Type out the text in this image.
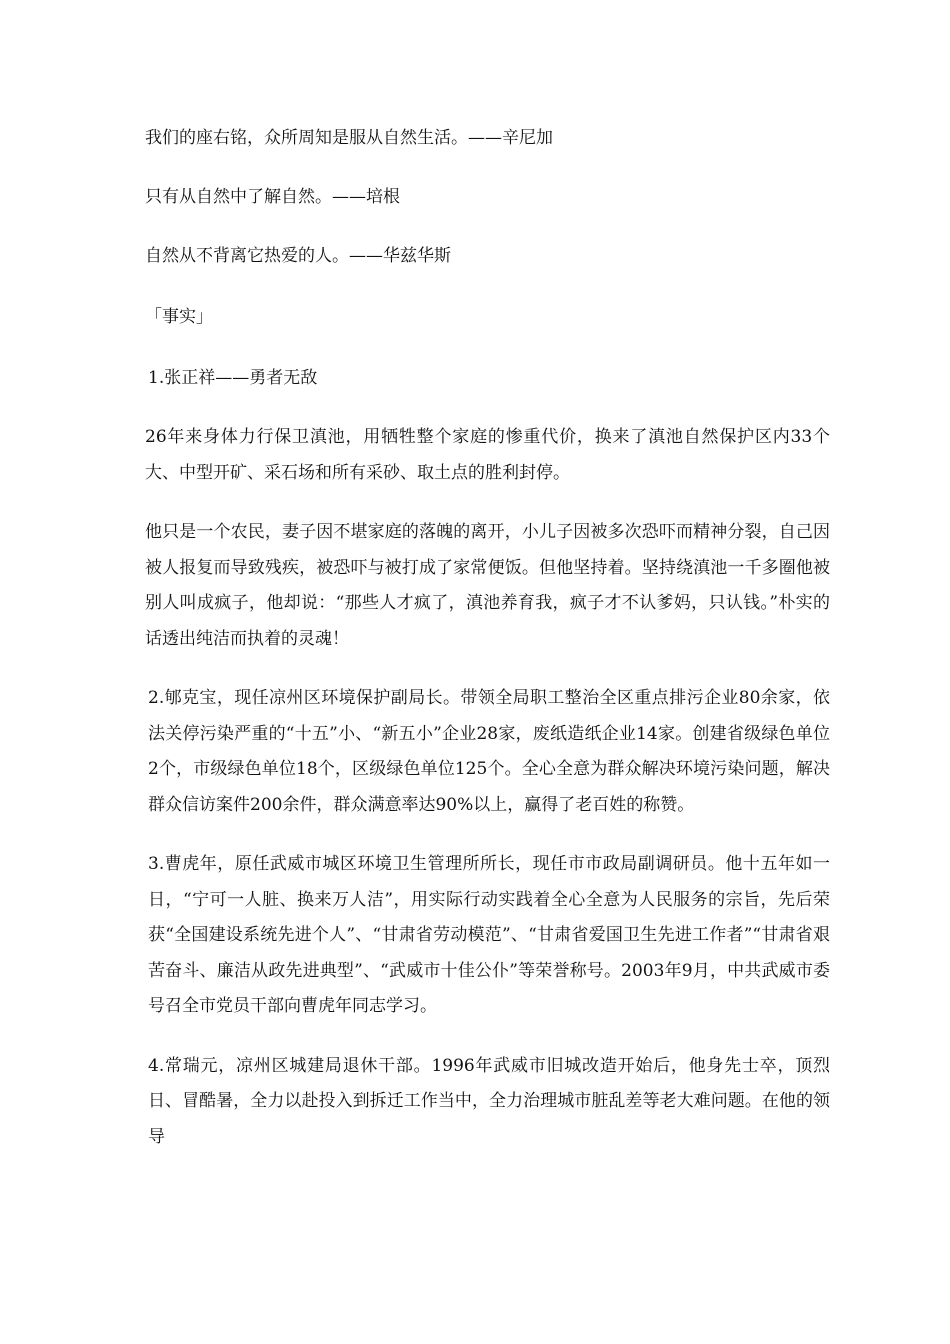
我们的座右铭，众所周知是服从自然生活。——辛尼加

只有从自然中了解自然。——培根

自然从不背离它热爱的人。——华兹华斯

「事实」

1.张正祥——勇者无敌

26年来身体力行保卫滇池，用牺牲整个家庭的惨重代价，换来了滇池自然保护区内33个大、中型开矿、采石场和所有采砂、取土点的胜利封停。

他只是一个农民，妻子因不堪家庭的落魄的离开，小儿子因被多次恐吓而精神分裂，自己因被人报复而导致残疾，被恐吓与被打成了家常便饭。但他坚持着。坚持绕滇池一千多圈他被别人叫成疯子，他却说：“那些人才疯了，滇池养育我，疯子才不认爹妈，只认钱。”朴实的话透出纯洁而执着的灵魂！

2.郇克宝，现任凉州区环境保护副局长。带领全局职工整治全区重点排污企业80余家，依法关停污染严重的“十五”小、“新五小”企业28家，废纸造纸企业14家。创建省级绿色单位2个，市级绿色单位18个，区级绿色单位125个。全心全意为群众解决环境污染问题，解决群众信访案件200余件，群众满意率达90%以上，赢得了老百姓的称赞。

3.曹虎年，原任武威市城区环境卫生管理所所长，现任市市政局副调研员。他十五年如一日，“宁可一人脏、换来万人洁”，用实际行动实践着全心全意为人民服务的宗旨，先后荣获“全国建设系统先进个人”、“甘肃省劳动模范”、“甘肃省爱国卫生先进工作者”“甘肃省艰苦奋斗、廉洁从政先进典型”、“武威市十佳公仆”等荣誉称号。2003年9月，中共武威市委号召全市党员干部向曹虎年同志学习。

4.常瑞元，凉州区城建局退休干部。1996年武威市旧城改造开始后，他身先士卒，顶烈日、冒酷暑，全力以赴投入到拆迁工作当中，全力治理城市脏乱差等老大难问题。在他的领导
